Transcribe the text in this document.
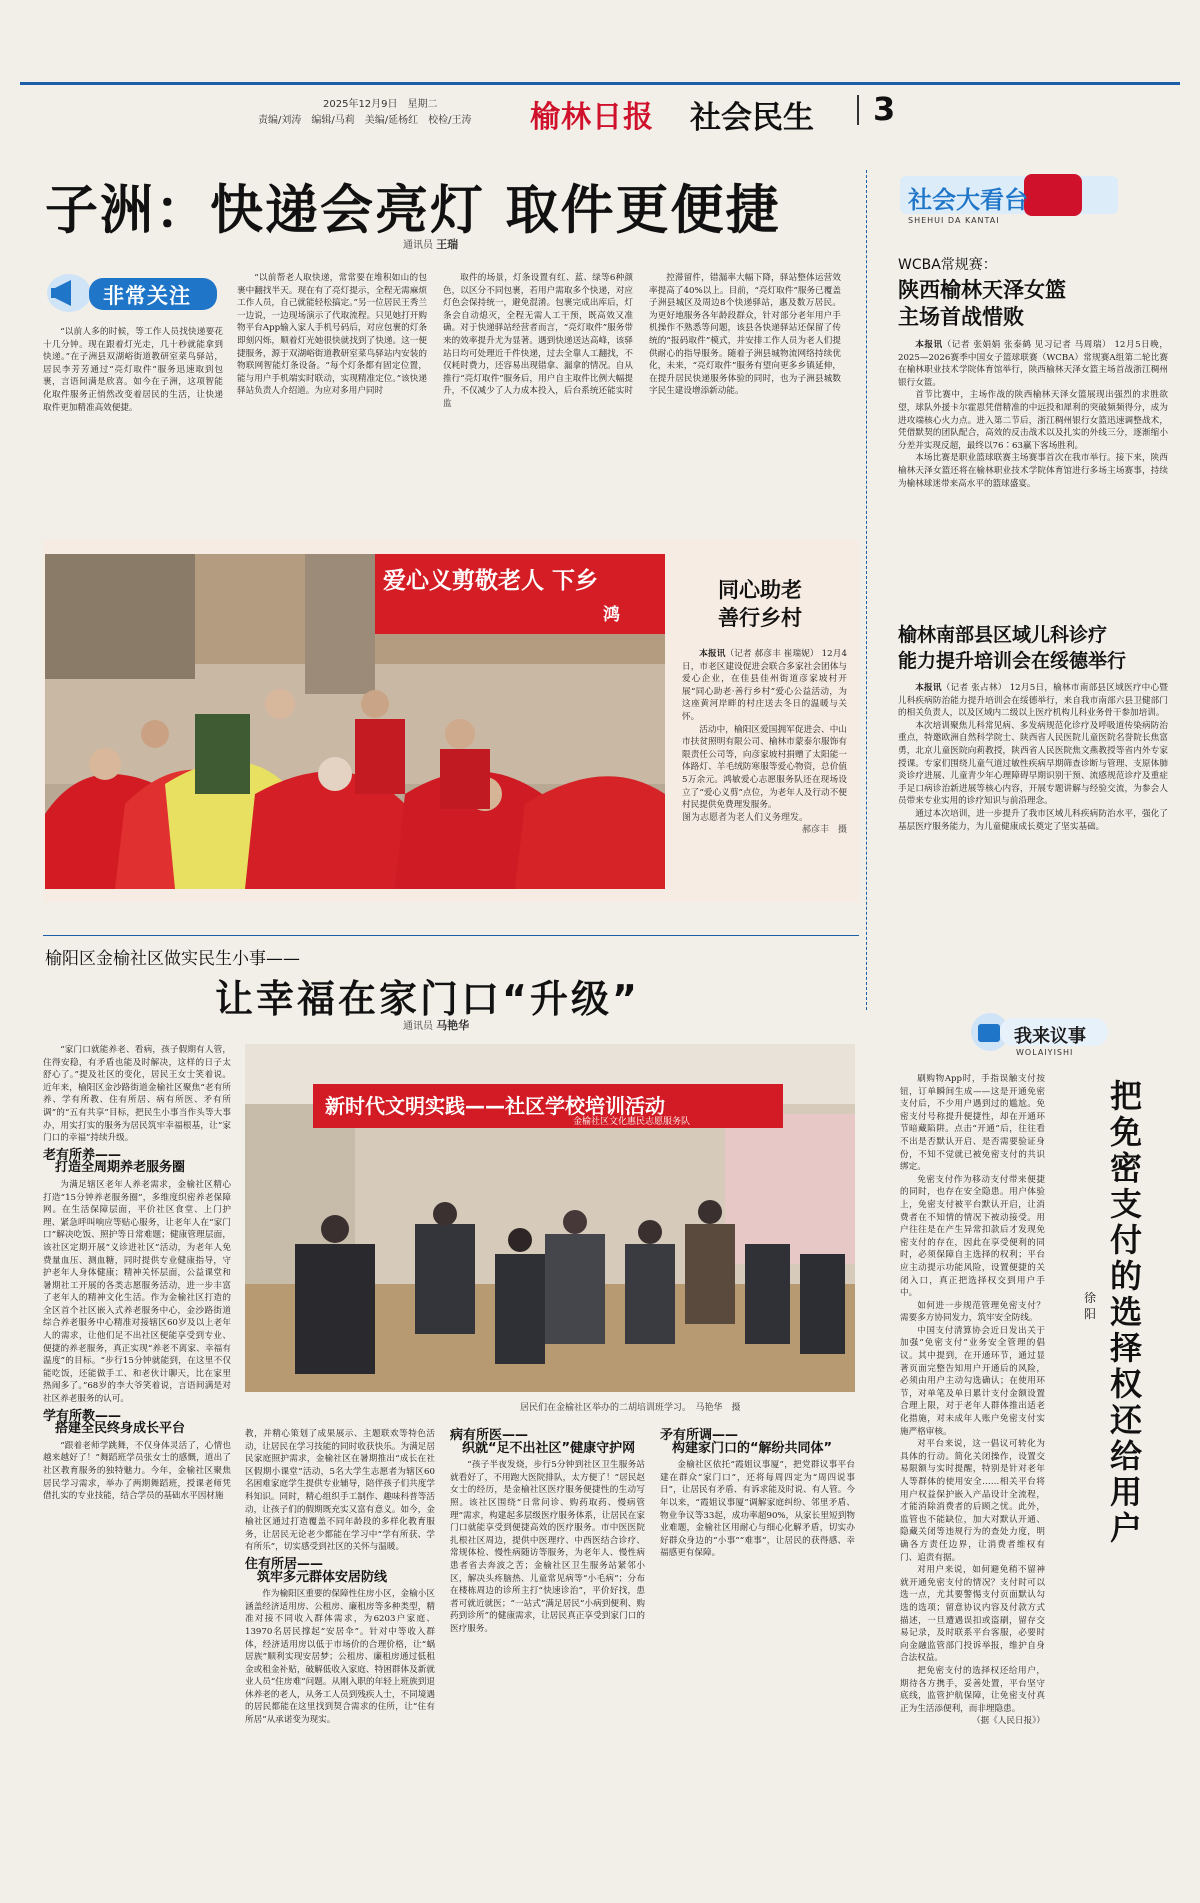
2025年12月9日　星期二
责编/刘涛　编辑/马莉　美编/延杨红　校检/王涛 榆林日报 社会民生 3
子洲：快递会亮灯 取件更便捷
通讯员 王瑞
非常关注

“以前人多的时候，等工作人员找快递要花十几分钟。现在跟着灯光走，几十秒就能拿到快递。”在子洲县双湖峪街道教研室菜鸟驿站，居民李芳芳通过“亮灯取件”服务迅速取到包裹，言语间满是欣喜。如今在子洲，这项智能化取件服务正悄然改变着居民的生活，让快递取件更加精准高效便捷。

“以前帮老人取快递，常常要在堆积如山的包裹中翻找半天。现在有了亮灯提示，全程无需麻烦工作人员，自己就能轻松搞定。”另一位居民王秀兰一边说，一边现场演示了代取流程。只见她打开购物平台App输入家人手机号码后，对应包裹的灯条即刻闪烁，顺着灯光她很快就找到了快递。这一便捷服务，源于双湖峪街道教研室菜鸟驿站内安装的物联网智能灯条设备。“每个灯条都有固定位置，能与用户手机端实时联动，实现精准定位。”该快递驿站负责人介绍道。为应对多用户同时

取件的场景，灯条设置有红、蓝、绿等6种颜色，以区分不同包裹，若用户需取多个快递，对应灯色会保持统一，避免混淆。包裹完成出库后，灯条会自动熄灭，全程无需人工干预，既高效又准确。对于快递驿站经营者而言，“亮灯取件”服务带来的效率提升尤为显著。遇到快递送达高峰，该驿站日均可处理近千件快递，过去全靠人工翻找，不仅耗时费力，还容易出现错拿、漏拿的情况。自从推行“亮灯取件”服务后，用户自主取件比例大幅提升，不仅减少了人力成本投入，后台系统还能实时监

控滞留件，错漏率大幅下降，驿站整体运营效率提高了40%以上。目前，“亮灯取件”服务已覆盖子洲县城区及周边8个快递驿站，惠及数万居民。为更好地服务各年龄段群众，针对部分老年用户手机操作不熟悉等问题，该县各快递驿站还保留了传统的“报码取件”模式，并安排工作人员为老人们提供耐心的指导服务。随着子洲县城物流网络持续优化，未来，“亮灯取件”服务有望向更多乡镇延伸，在提升居民快递服务体验的同时，也为子洲县城数字民生建设增添新动能。

社会大看台
SHEHUI DA KANTAI
WCBA常规赛：
陕西榆林天泽女篮
主场首战惜败

本报讯（记者 张娟娟 张泰鹤 见习记者 马周瑞） 12月5日晚，2025—2026赛季中国女子篮球联赛（WCBA）常规赛A组第二轮比赛在榆林职业技术学院体育馆举行，陕西榆林天泽女篮主场首战浙江稠州银行女篮。

首节比赛中，主场作战的陕西榆林天泽女篮展现出强烈的求胜欲望，球队外援卡尔霍恩凭借精准的中远投和犀利的突破频频得分，成为进攻端核心火力点。进入第二节后，浙江稠州银行女篮迅速调整战术，凭借默契的团队配合，高效的反击战术以及扎实的外线三分，逐渐缩小分差并实现反超，最终以76∶63赢下客场胜利。

本场比赛是职业篮球联赛主场赛事首次在我市举行。接下来，陕西榆林天泽女篮还将在榆林职业技术学院体育馆进行多场主场赛事，持续为榆林球迷带来高水平的篮球盛宴。

榆林南部县区域儿科诊疗
能力提升培训会在绥德举行

本报讯（记者 张占林） 12月5日，榆林市南部县区域医疗中心暨儿科疾病防治能力提升培训会在绥德举行，来自我市南部六县卫健部门的相关负责人，以及区域内二级以上医疗机构儿科业务骨干参加培训。

本次培训聚焦儿科常见病、多发病规范化诊疗及呼吸道传染病防治重点，特邀欧洲自然科学院士、陕西省人民医院儿童医院名誉院长焦富勇，北京儿童医院向莉教授，陕西省人民医院焦文燕教授等省内外专家授课。专家们围绕儿童气道过敏性疾病早期筛查诊断与管理、支原体肺炎诊疗进展、儿童青少年心理障碍早期识别干预、流感规范诊疗及重症手足口病诊治新进展等核心内容，开展专题讲解与经验交流，为参会人员带来专业实用的诊疗知识与前沿理念。

通过本次培训，进一步提升了我市区域儿科疾病防治水平，强化了基层医疗服务能力，为儿童健康成长奠定了坚实基础。

爱心义剪敬老人 下乡
鸿
同心助老
善行乡村

本报讯（记者 郝彦丰 崔瑞妮） 12月4日，市老区建设促进会联合多家社会团体与爱心企业，在佳县佳州街道彦家坡村开展“同心助老·善行乡村”爱心公益活动，为这座黄河岸畔的村庄送去冬日的温暖与关怀。

活动中，榆阳区爱国拥军促进会、中山市扶贫照明有限公司、榆林市蒙泰尔服饰有限责任公司等，向彦家坡村捐赠了太阳能一体路灯、羊毛绒防寒服等爱心物资，总价值5万余元。鸿敏爱心志愿服务队还在现场设立了“爱心义剪”点位，为老年人及行动不便村民提供免费理发服务。

图为志愿者为老人们义务理发。

郝彦丰　摄

榆阳区金榆社区做实民生小事——
让幸福在家门口“升级”
通讯员 马艳华
新时代文明实践——社区学校培训活动
金榆社区文化惠民志愿服务队
居民们在金榆社区举办的二胡培训班学习。　马艳华　摄

“家门口就能养老、看病，孩子假期有人管，住得安稳，有矛盾也能及时解决，这样的日子太舒心了。”提及社区的变化，居民王女士笑着说。近年来，榆阳区金沙路街道金榆社区聚焦“老有所养、学有所教、住有所居、病有所医、矛有所调”的“五有共享”目标，把民生小事当作头等大事办，用实打实的服务为居民筑牢幸福根基，让“家门口的幸福”持续升级。

老有所养——
打造全周期养老服务圈

为满足辖区老年人养老需求，金榆社区精心打造“15分钟养老服务圈”，多维度织密养老保障网。在生活保障层面，平价社区食堂、上门护理、紧急呼叫响应等贴心服务，让老年人在“家门口”解决吃饭、照护等日常难题；健康管理层面，该社区定期开展“义诊进社区”活动，为老年人免费量血压、测血糖，同时提供专业健康指导，守护老年人身体健康；精神关怀层面，公益课堂和暑期社工开展的各类志愿服务活动，进一步丰富了老年人的精神文化生活。作为金榆社区打造的全区首个社区嵌入式养老服务中心，金沙路街道综合养老服务中心精准对接辖区60岁及以上老年人的需求，让他们足不出社区便能享受到专业、便捷的养老服务，真正实现“养老不离家、幸福有温度”的目标。“步行15分钟就能到，在这里不仅能吃饭，还能做手工、和老伙计聊天，比在家里热闹多了。”68岁的李大爷笑着说，言语间满是对社区养老服务的认可。

学有所教——
搭建全民终身成长平台

“跟着老师学跳舞，不仅身体灵活了，心情也越来越好了！”舞蹈班学员张女士的感慨，道出了社区教育服务的独特魅力。今年，金榆社区聚焦居民学习需求，举办了两期舞蹈班，授课老师凭借扎实的专业技能，结合学员的基础水平因材施

教，并精心策划了成果展示、主题联欢等特色活动，让居民在学习技能的同时收获快乐。为满足居民家庭照护需求，金榆社区在暑期推出“成长在社区假期小课堂”活动，5名大学生志愿者为辖区60名困难家庭学生提供专业辅导，陪伴孩子们共度学科知识。同时，精心组织手工制作、趣味科普等活动，让孩子们的假期既充实又富有意义。如今，金榆社区通过打造覆盖不同年龄段的多样化教育服务，让居民无论老少都能在学习中“学有所获、学有所乐”，切实感受到社区的关怀与温暖。

住有所居——
筑牢多元群体安居防线

作为榆阳区重要的保障性住房小区，金榆小区涵盖经济适用房、公租房、廉租房等多种类型，精准对接不同收入群体需求，为6203户家庭、13970名居民撑起“安居伞”。针对中等收入群体，经济适用房以低于市场价的合理价格，让“蜗居族”顺利实现安居梦；公租房、廉租房通过低租金或租金补贴，破解低收入家庭、特困群体及新就业人员“住房难”问题。从刚入职的年轻上班族到退休养老的老人，从务工人员到残疾人士，不同境遇的居民都能在这里找到契合需求的住所，让“住有所居”从承诺变为现实。

病有所医——
织就“足不出社区”健康守护网

“孩子半夜发烧，步行5分钟到社区卫生服务站就看好了，不用跑大医院排队，太方便了！”居民赵女士的经历，是金榆社区医疗服务便捷性的生动写照。该社区围绕“日常问诊、购药取药、慢病管理”需求，构建起多层级医疗服务体系，让居民在家门口就能享受到便捷高效的医疗服务。市中医医院扎根社区周边，提供中医理疗、中西医结合诊疗、常规体检、慢性病随访等服务，为老年人、慢性病患者省去奔波之苦；金榆社区卫生服务站紧邻小区，解决头疼脑热、儿童常见病等“小毛病”；分布在楼栋周边的诊所主打“快速诊治”，平价好找，患者可就近就医；“一站式”满足居民“小病到便利、购药到诊所”的健康需求，让居民真正享受到家门口的医疗服务。

矛有所调——
构建家门口的“解纷共同体”

金榆社区依托“霞姐议事厦”，把党群议事平台建在群众“家门口”，还将每周四定为“周四说事日”，让居民有矛盾、有诉求能及时说、有人管。今年以来，“霞姐议事厦”调解家庭纠纷、邻里矛盾、物业争议等33起，成功率超90%，从家长里短到物业难题，金榆社区用耐心与细心化解矛盾，切实办好群众身边的“小事”“难事”，让居民的获得感、幸福感更有保障。

我来议事
WOLAIYISHI

刷购物App时，手指误触支付按钮，订单瞬间生成——这是开通免密支付后，不少用户遇到过的尴尬。免密支付号称提升便捷性，却在开通环节暗藏陷阱。点击“开通”后，往往看不出是否默认开启、是否需要验证身份，不知不觉就已被免密支付的共识绑定。

免密支付作为移动支付带来便捷的同时，也存在安全隐患。用户体验上，免密支付被平台默认开启，让消费者在不知情的情况下被动接受。用户往往是在产生异常扣款后才发现免密支付的存在，因此在享受便利的同时，必须保障自主选择的权利；平台应主动提示功能风险，设置便捷的关闭入口，真正把选择权交到用户手中。

如何进一步规范管理免密支付？需要多方协同发力，筑牢安全防线。

中国支付清算协会近日发出关于加强“免密支付”业务安全管理的倡议。其中提到，在开通环节，通过显著页面完整告知用户开通后的风险，必须由用户主动勾选确认；在使用环节，对单笔及单日累计支付金额设置合理上限，对于老年人群体推出适老化措施，对未成年人账户免密支付实施严格审核。

对平台来说，这一倡议可转化为具体的行动。简化关闭操作，设置交易限额与实时提醒，特别是针对老年人等群体的使用安全……相关平台将用户权益保护嵌入产品设计全流程，才能消除消费者的后顾之忧。此外，监管也不能缺位，加大对默认开通、隐藏关闭等违规行为的查处力度，明确各方责任边界，让消费者维权有门、追责有据。

对用户来说，如何避免稍不留神就开通免密支付的情况？支付时可以选一点，尤其要警惕支付页面默认勾选的选项；留意协议内容及付款方式描述，一旦遭遇误扣或盗刷，留存交易记录，及时联系平台客服，必要时向金融监管部门投诉举报，维护自身合法权益。

把免密支付的选择权还给用户，期待各方携手，妥善处置，平台坚守底线，监管护航保障，让免密支付真正为生活添便利，而非埋隐患。

（据《人民日报》）

把免密支付的选择权还给用户
徐阳
